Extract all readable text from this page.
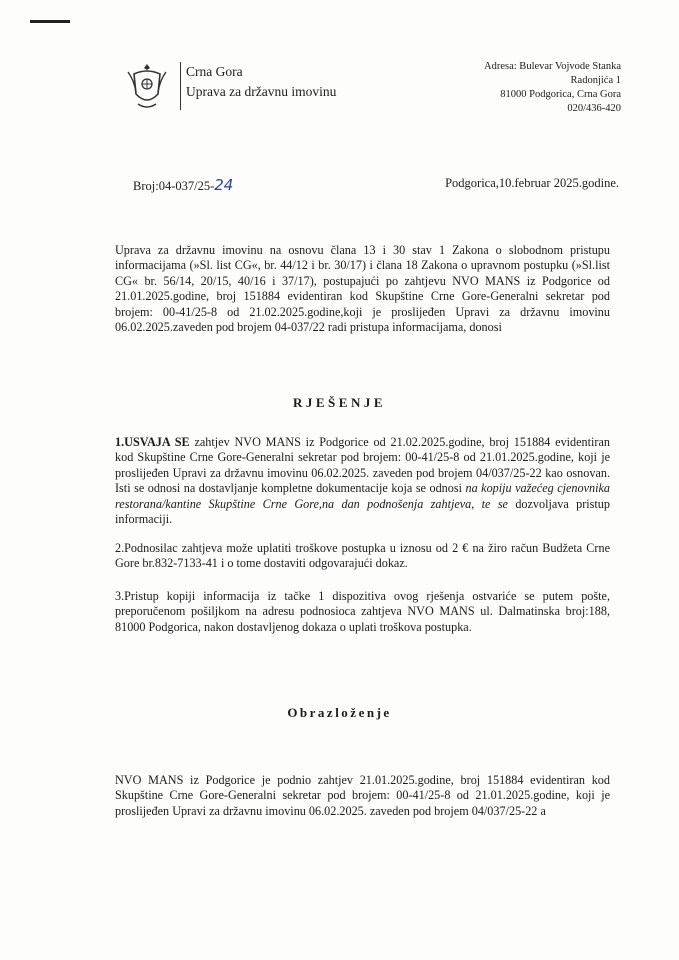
Crna Gora
Uprava za državnu imovinu
Adresa: Bulevar Vojvode Stanka
Radonjića 1
81000 Podgorica, Crna Gora
020/436-420
Broj:04-037/25-24	Podgorica,10.februar 2025.godine.

Uprava za državnu imovinu na osnovu člana 13 i 30 stav 1 Zakona o slobodnom pristupu informacijama (»Sl. list CG«, br. 44/12 i br. 30/17) i člana 18 Zakona o upravnom postupku (»Sl.list CG« br. 56/14, 20/15, 40/16 i 37/17), postupajući po zahtjevu NVO MANS iz Podgorice od 21.01.2025.godine, broj 151884 evidentiran kod Skupštine Crne Gore-Generalni sekretar pod brojem: 00-41/25-8 od 21.02.2025.godine,koji je proslijeđen Upravi za državnu imovinu 06.02.2025.zaveden pod brojem 04-037/22 radi pristupa informacijama, donosi

RJEŠENJE

1.USVAJA SE zahtjev NVO MANS iz Podgorice od 21.02.2025.godine, broj 151884 evidentiran kod Skupštine Crne Gore-Generalni sekretar pod brojem: 00-41/25-8 od 21.01.2025.godine, koji je proslijeđen Upravi za državnu imovinu 06.02.2025. zaveden pod brojem 04/037/25-22 kao osnovan. Isti se odnosi na dostavljanje kompletne dokumentacije koja se odnosi na kopiju važećeg cjenovnika restorana/kantine Skupštine Crne Gore,na dan podnošenja zahtjeva, te se dozvoljava pristup informaciji.

2.Podnosilac zahtjeva može uplatiti troškove postupka u iznosu od 2 € na žiro račun Budžeta Crne Gore br.832-7133-41 i o tome dostaviti odgovarajući dokaz.

3.Pristup kopiji informacija iz tačke 1 dispozitiva ovog rješenja ostvariće se putem pošte, preporučenom pošiljkom na adresu podnosioca zahtjeva NVO MANS ul. Dalmatinska broj:188, 81000 Podgorica, nakon dostavljenog dokaza o uplati troškova postupka.

Obrazloženje

NVO MANS iz Podgorice je podnio zahtjev 21.01.2025.godine, broj 151884 evidentiran kod Skupštine Crne Gore-Generalni sekretar pod brojem: 00-41/25-8 od 21.01.2025.godine, koji je proslijeđen Upravi za državnu imovinu 06.02.2025. zaveden pod brojem 04/037/25-22 a
